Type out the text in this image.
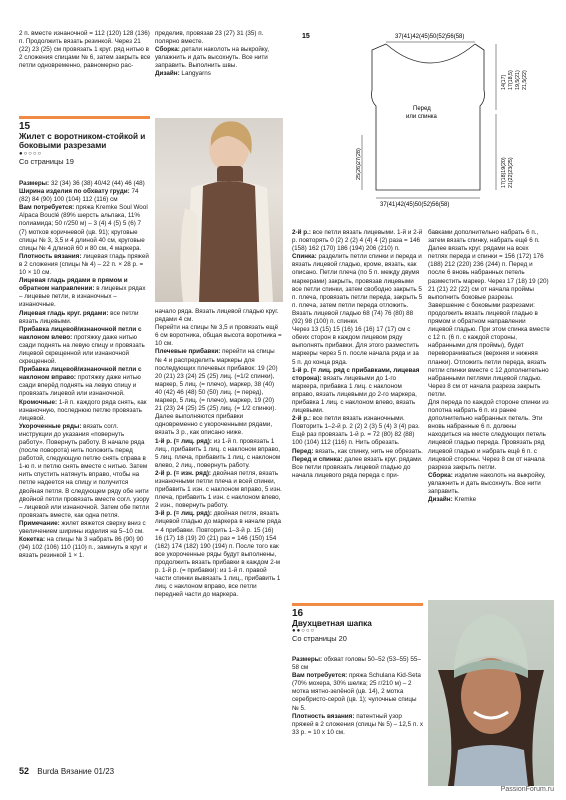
2 п. вместе изнаночной = 112 (120) 128 (136) п. Продолжить вязать резинкой. Через 21 (22) 23 (25) см провязать 1 круг. ряд нитью в 2 сложения спицами № 6, затем закрыть все петли одновременно, равномерно рас-

пределив, провязав 23 (27) 31 (35) п. полярно вместе.

Сборка: детали наколоть на выкройку, увлажнить и дать высохнуть. Все нити заправить. Выполнить швы.

Дизайн: Langyarns

15	37(41)42(45)50(52)56(58)
Перед
или спинка
25(26)27(28)
37(41)42(45)50(52)56(58)
14(17) 17(18,5) 19,5(21) 21,5(22)
17(18)19(20) 21(22)23(25)
15
Жилет с воротником-стойкой и боковыми разрезами
●○○○○
Со страницы 19

Размеры: 32 (34) 36 (38) 40/42 (44) 46 (48)

Ширина изделия по обхвату груди: 74 (82) 84 (90) 100 (104) 112 (116) см

Вам потребуется: пряжа Kremke Soul Wool Alpaca Bouclé (89% шерсть альпака, 11% полиамида; 50 г/250 м) – 3 (4) 4 (5) 5 (6) 7 (7) мотков коричневой (цв. 91); круговые спицы № 3, 3,5 и 4 длиной 40 см, круговые спицы № 4 длиной 60 и 80 см, 4 маркера.

Плотность вязания: лицевая гладь пряжей в 2 сложения (спицы № 4) – 22 п. × 28 р. = 10 × 10 см.

Лицевая гладь рядами в прямом и обратном направлении: в лицевых рядах – лицевые петли, в изнаночных – изнаночные.

Лицевая гладь круг. рядами: все петли вязать лицевыми.

Прибавка лицевой/изнаночной петли с наклоном влево: протяжку даже нитью сзади поднять на левую спицу и провязать лицевой скрещенной или изнаночной скрещенной.

Прибавка лицевой/изнаночной петли с наклоном вправо: протяжку даже нитью сзади вперёд поднять на левую спицу и провязать лицевой или изнаночной.

Кромочные: 1-й п. каждого ряда снять, как изнаночную, последнюю петлю провязать лицевой.

Укороченные ряды: вязать согл. инструкции до указания «повернуть работу». Повернуть работу. В начале ряда (после поворота) нить положить перед работой, следующую петлю снять справа в 1-ю п. и петлю снять вместе с нитью. Затем нить спустить натянуть вправо, чтобы на петле надеется на спицу и получится двойная петля. В следующем ряду обе нити двойной петли провязать вместе согл. узору – лицевой или изнаночной. Затем обе петли провязать вместе, как одна петля.

Примечание: жилет вяжется сверху вниз с увеличением ширины изделия на 5–10 см.

Кокетка: на спицы № 3 набрать 86 (90) 90 (94) 102 (106) 110 (110) п., замкнуть в круг и вязать резинкой 1 × 1.

начало ряда. Вязать лицевой гладью круг. рядами 4 см.

Перейти на спицы № 3,5 и провязать ещё 6 см воротника, общая высота воротника = 10 см.

Плечевые прибавки: перейти на спицы № 4 и распределить маркеры для последующих плечевых прибавок: 19 (20) 20 (21) 23 (24) 25 (25) лиц. (=1/2 спинки), маркер, 5 лиц. (= плечо), маркер, 38 (40) 40 (42) 46 (48) 50 (50) лиц. (= перед), маркер, 5 лиц. (= плечо), маркер, 19 (20) 21 (23) 24 (25) 25 (25) лиц. (= 1/2 спинки).

Далее выполняются прибавки одновременно с укороченными рядами, вязать 3 р., как описано ниже.

1-й р. (= лиц. ряд): из 1-й п. провязать 1 лиц., прибавить 1 лиц. с наклоном вправо, 5 лиц. плеча, прибавить 1 лиц. с наклоном влево, 2 лиц., повернуть работу.

2-й р. (= изн. ряд): двойная петля, вязать изнаночными петли плеча и всей спинки, прибавить 1 изн. с наклоном вправо, 5 изн. плеча, прибавить 1 изн. с наклоном влево, 2 изн., повернуть работу.

3-й р. (= лиц. ряд): двойная петля, вязать лицевой гладью до маркера в начале ряда = 4 прибавки. Повторить 1–3-й р. 15 (16) 16 (17) 18 (19) 20 (21) раз = 146 (150) 154 (162) 174 (182) 190 (194) п. После того как все укороченные ряды будут выполнены, продолжить вязать прибавки в каждом 2-м р. 1-й р. (= прибавки): из 1-й п. правой части спинки вывязать 1 лиц., прибавить 1 лиц. с наклоном вправо, все петли передней части до маркера.

2-й р.: все петли вязать лицевыми. 1-й и 2-й р. повторять 0 (2) 2 (2) 4 (4) 4 (2) раза = 146 (158) 162 (170) 186 (194) 206 (210) п.

Спинка: разделить петли спинки и переда и вязать лицевой гладью, кроме, вязать, как описано. Петли плеча (по 5 п. между двумя маркерами) закрыть, провязав лицевыми все петли спинки, затем свободно закрыть 5 п. плеча, провязать петли переда, закрыть 5 п. плеча, затем петли переда отложить. Вязать лицевой гладью 68 (74) 76 (80) 88 (92) 98 (100) п. спинки.

Через 13 (15) 15 (16) 16 (16) 17 (17) см с обеих сторон в каждом лицевом ряду выполнять прибавки. Для этого разместить маркеры через 5 п. после начала ряда и за 5 п. до конца ряда.

1-й р. (= лиц. ряд с прибавками, лицевая сторона): вязать лицевыми до 1-го маркера, прибавка 1 лиц. с наклоном вправо, вязать лицевыми до 2-го маркера, прибавка 1 лиц. с наклоном влево, вязать лицевыми.

2-й р.: все петли вязать изнаночными. Повторить 1–2-й р. 2 (2) 2 (3) 5 (4) 3 (4) раз. Ещё раз провязать 1-й р. = 72 (80) 82 (88) 100 (104) 112 (116) п. Нить обрезать.

Перед: вязать, как спинку, нить не обрезать.

Перед и спинка: далее вязать круг. рядами. Все петли провязать лицевой гладью до начала лицевого ряда переда с при-

бавками дополнительно набрать 6 п., затем вязать спинку, набрать ещё 6 п. Далее вязать круг. рядами на всех петлях переда и спинки = 156 (172) 176 (188) 212 (220) 236 (244) п. Перед и после 6 вновь набранных петель разместить маркер. Через 17 (18) 19 (20) 21 (21) 22 (22) см от начала проймы выполнить боковые разрезы.

Завершение с боковыми разрезами: продолжить вязать лицевой гладью в прямом и обратном направлении лицевой гладью. При этом спинка вместе с 12 п. (6 п. с каждой стороны, набранными для проймы), будет переворачиваться (верхняя и нижняя планки). Отложить петли переда, вязать петли спинки вместе с 12 дополнительно набранными петлями лицевой гладью. Через 8 см от начала разреза закрыть петли.

Для переда по каждой стороне спинки из полотна набрать 6 п. из ранее дополнительно набранных петель. Эти вновь набранные 6 п. должны находиться на месте следующих петель лицевой гладью переда. Провязать ряд лицевой гладью и набрать ещё 6 п. с лицевой стороны. Через 8 см от начала разреза закрыть петли.

Сборка: изделие наколоть на выкройку, увлажнить и дать высохнуть. Все нити заправить.

Дизайн: Kremke

16
Двухцветная шапка
●●○○○
Со страницы 20

Размеры: обхват головы 50–52 (53–55) 55–58 см

Вам потребуется: пряжа Schulana Kid-Seta (70% мохера, 30% шелка; 25 г/210 м) – 2 мотка мятно-зелёной (цв. 14), 2 мотка серебристо-серой (цв. 1); чулочные спицы № 5.

Плотность вязания: патентный узор пряжей в 2 сложения (спицы № 5) – 12,5 п. x 33 р. = 10 x 10 см.

52 Burda Вязание 01/23
PassionForum.ru
